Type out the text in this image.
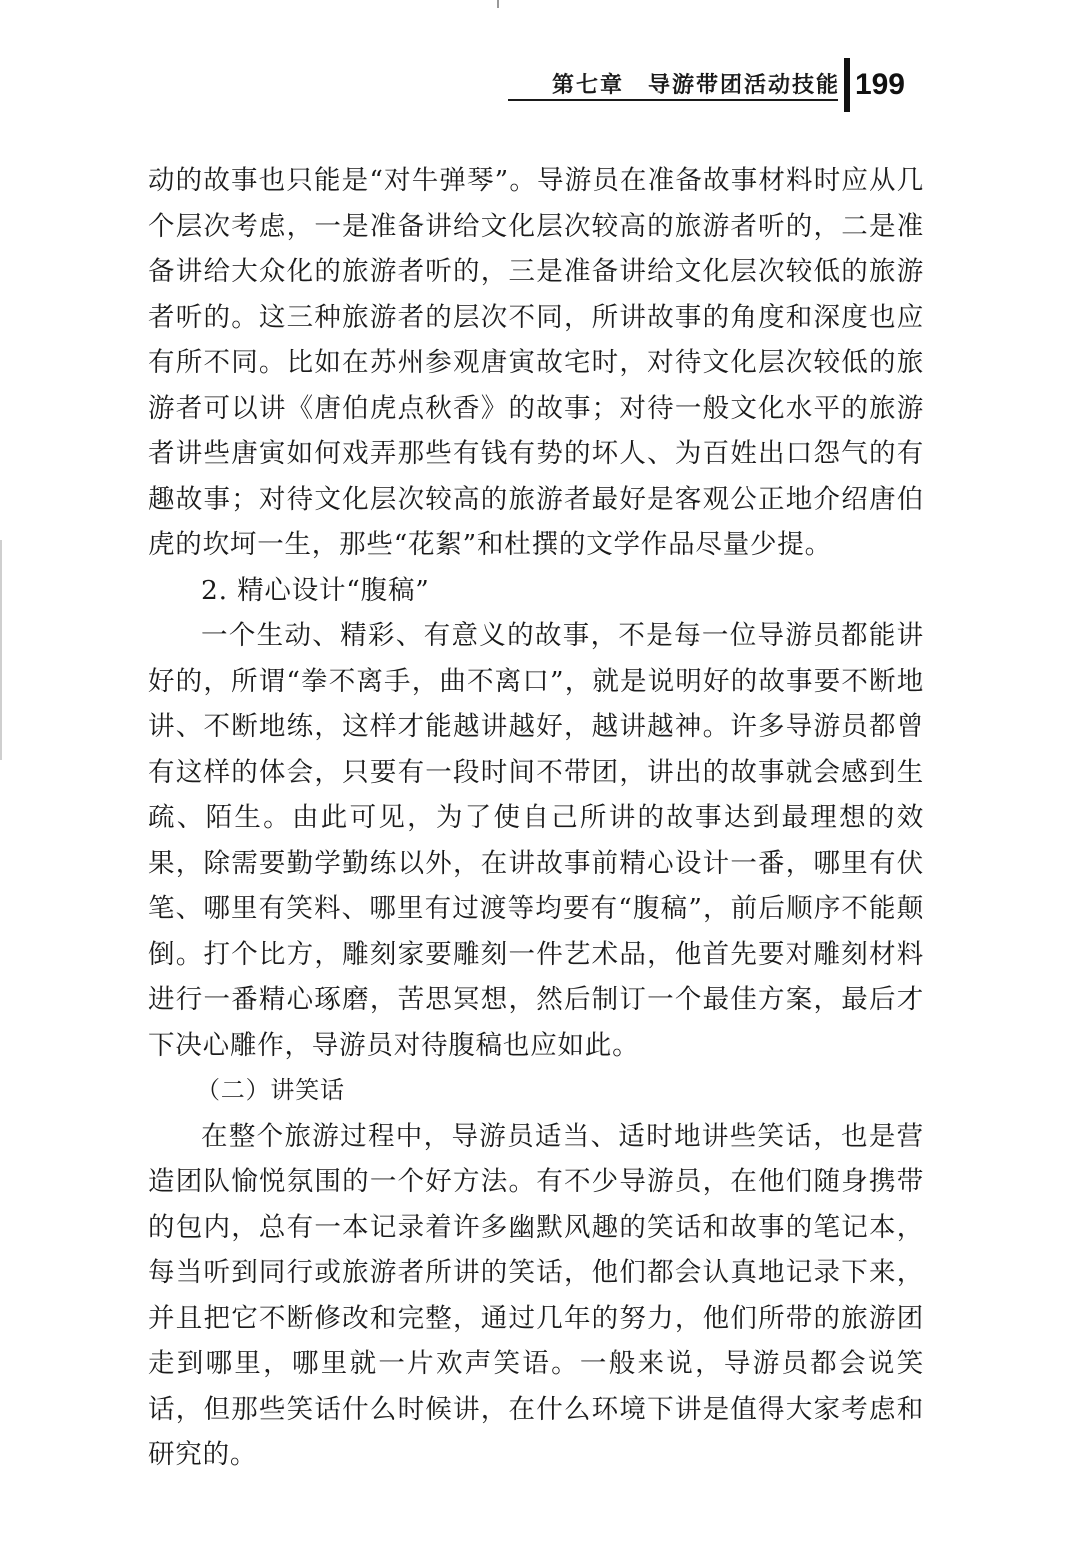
第七章　导游带团活动技能 199

动的故事也只能是“对牛弹琴”。导游员在准备故事材料时应从几个层次考虑，一是准备讲给文化层次较高的旅游者听的，二是准备讲给大众化的旅游者听的，三是准备讲给文化层次较低的旅游者听的。这三种旅游者的层次不同，所讲故事的角度和深度也应有所不同。比如在苏州参观唐寅故宅时，对待文化层次较低的旅游者可以讲《唐伯虎点秋香》的故事；对待一般文化水平的旅游者讲些唐寅如何戏弄那些有钱有势的坏人、为百姓出口怨气的有趣故事；对待文化层次较高的旅游者最好是客观公正地介绍唐伯虎的坎坷一生，那些“花絮”和杜撰的文学作品尽量少提。

2. 精心设计“腹稿”

一个生动、精彩、有意义的故事，不是每一位导游员都能讲好的，所谓“拳不离手，曲不离口”，就是说明好的故事要不断地讲、不断地练，这样才能越讲越好，越讲越神。许多导游员都曾有这样的体会，只要有一段时间不带团，讲出的故事就会感到生疏、陌生。由此可见，为了使自己所讲的故事达到最理想的效果，除需要勤学勤练以外，在讲故事前精心设计一番，哪里有伏笔、哪里有笑料、哪里有过渡等均要有“腹稿”，前后顺序不能颠倒。打个比方，雕刻家要雕刻一件艺术品，他首先要对雕刻材料进行一番精心琢磨，苦思冥想，然后制订一个最佳方案，最后才下决心雕作，导游员对待腹稿也应如此。

（二）讲笑话

在整个旅游过程中，导游员适当、适时地讲些笑话，也是营造团队愉悦氛围的一个好方法。有不少导游员，在他们随身携带的包内，总有一本记录着许多幽默风趣的笑话和故事的笔记本，每当听到同行或旅游者所讲的笑话，他们都会认真地记录下来，并且把它不断修改和完整，通过几年的努力，他们所带的旅游团走到哪里，哪里就一片欢声笑语。一般来说，导游员都会说笑话，但那些笑话什么时候讲，在什么环境下讲是值得大家考虑和研究的。
